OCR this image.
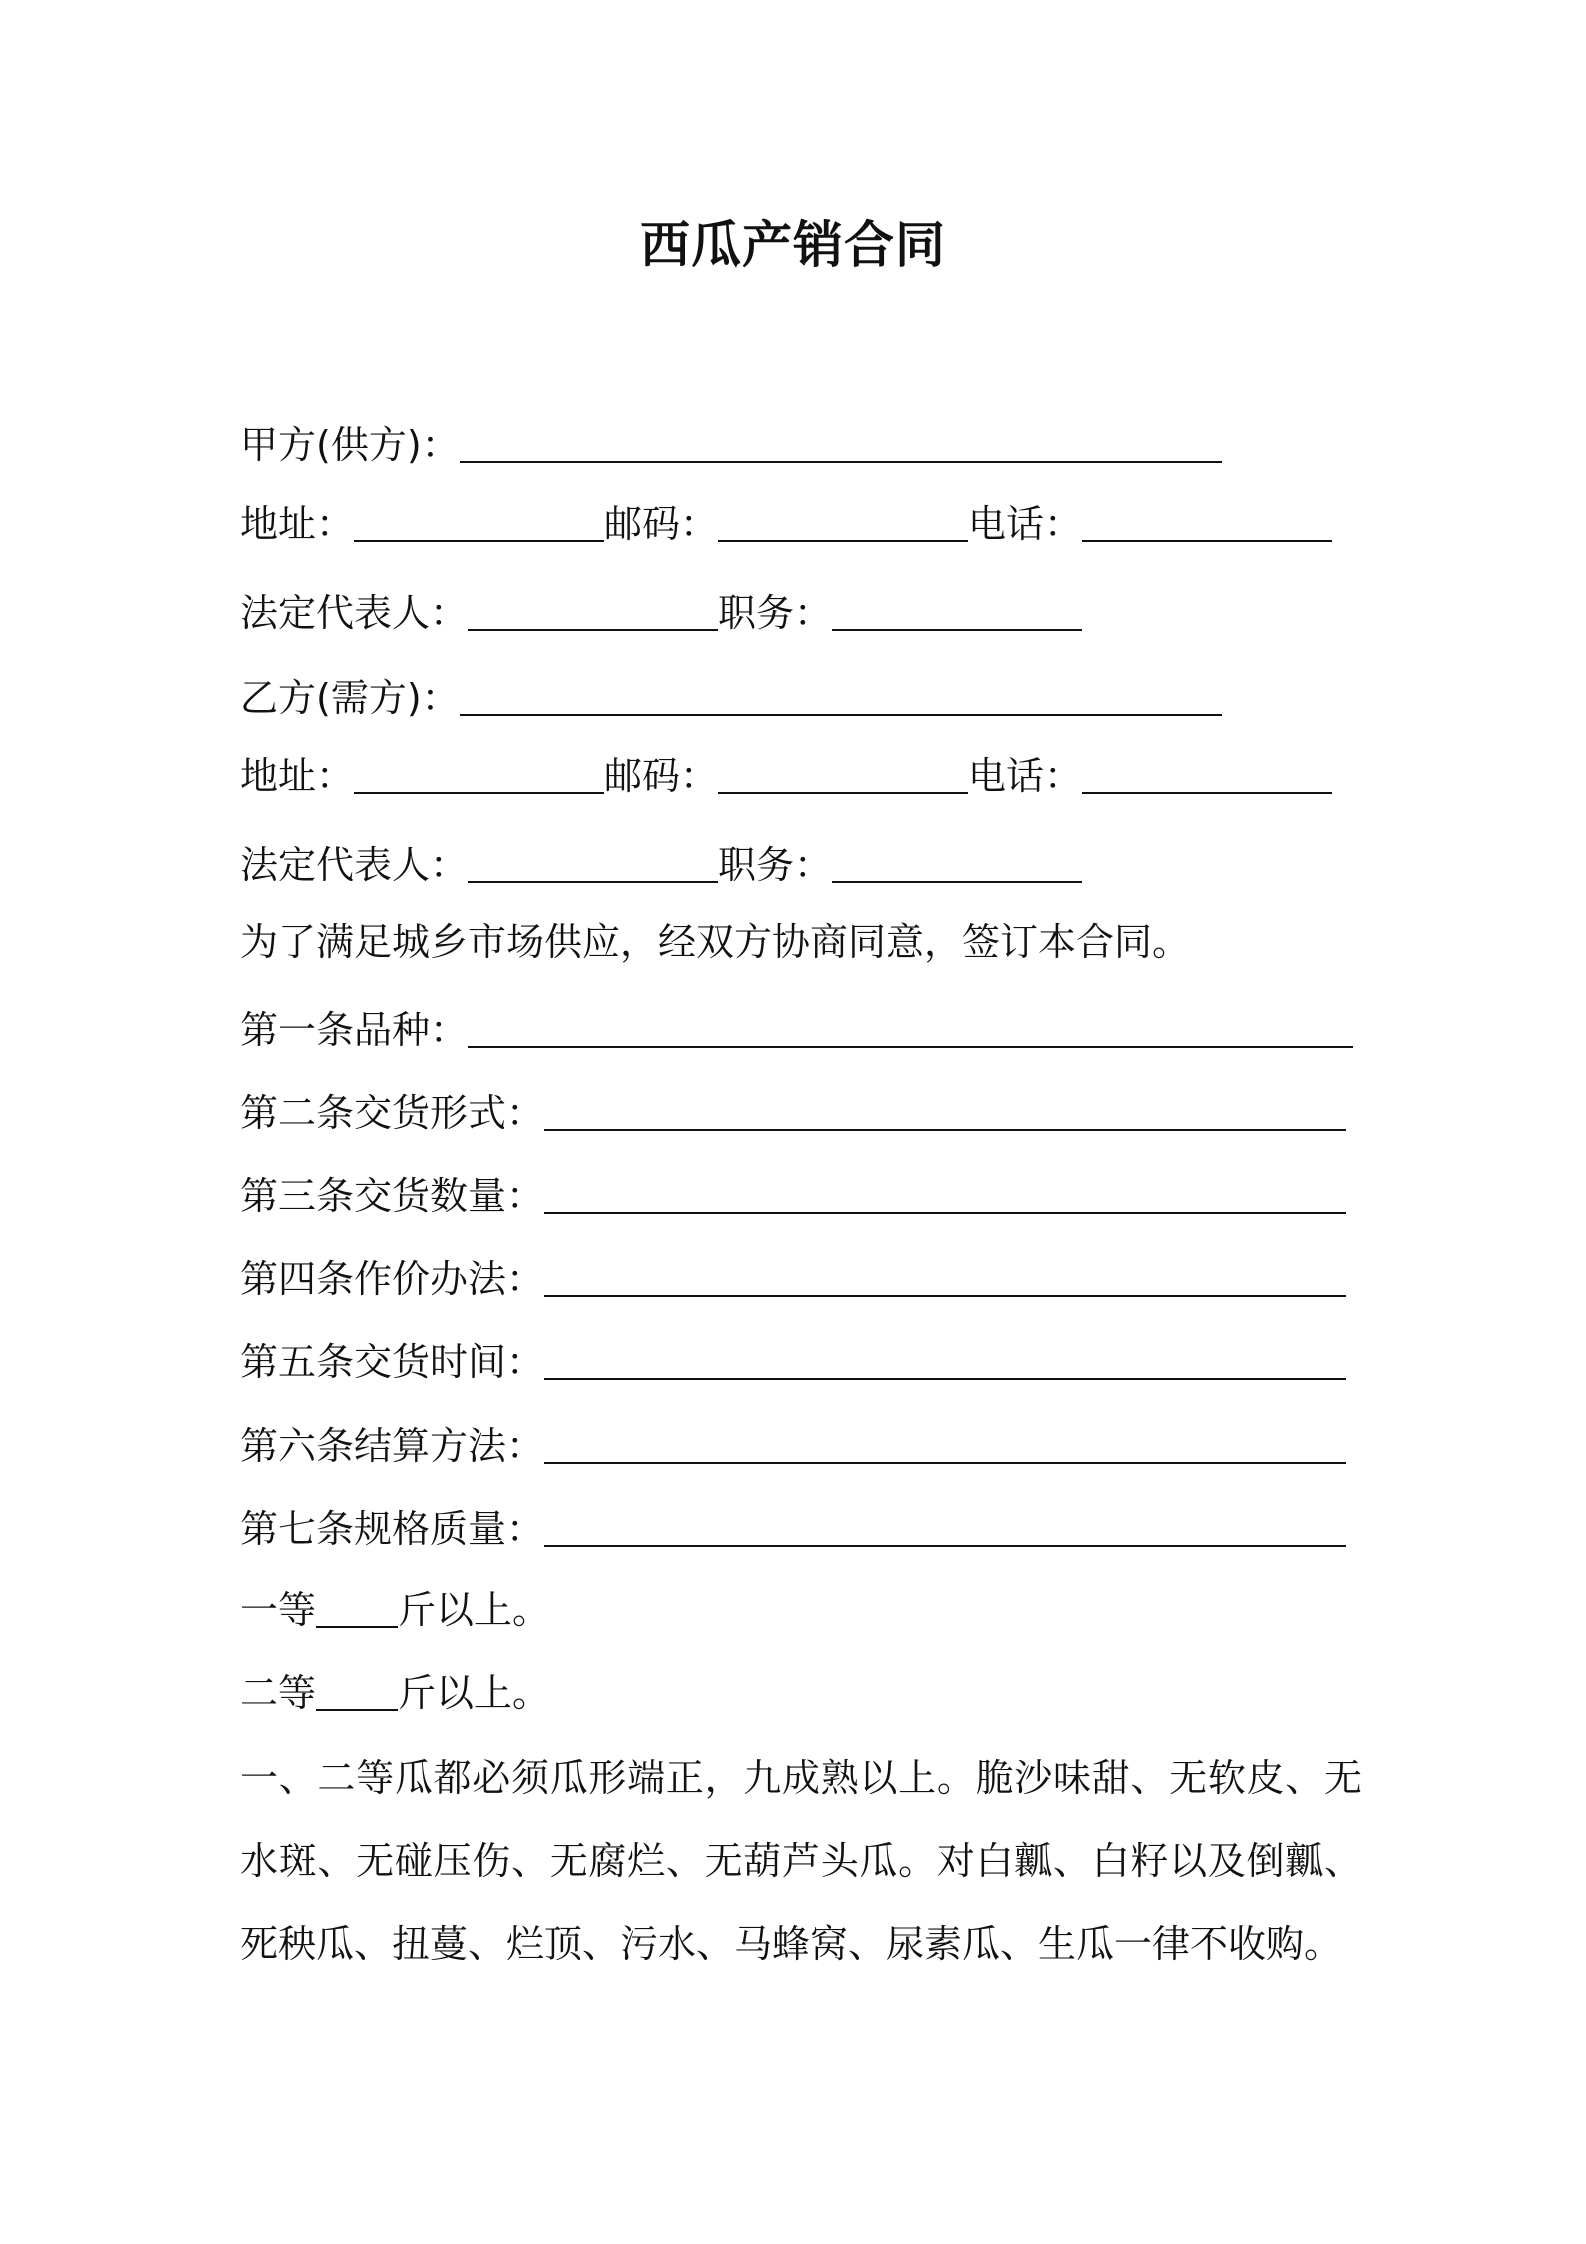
西瓜产销合同
甲方(供方)：
地址：	邮码：	电话：
法定代表人：	职务：
乙方(需方)：
地址：	邮码：	电话：
法定代表人：	职务：
为了满足城乡市场供应，经双方协商同意，签订本合同。
第一条品种：
第二条交货形式：
第三条交货数量：
第四条作价办法：
第五条交货时间：
第六条结算方法：
第七条规格质量：
一等 斤以上。
二等 斤以上。
一、二等瓜都必须瓜形端正，九成熟以上。脆沙味甜、无软皮、无水斑、无碰压伤、无腐烂、无葫芦头瓜。对白瓤、白籽以及倒瓤、死秧瓜、扭蔓、烂顶、污水、马蜂窝、尿素瓜、生瓜一律不收购。
